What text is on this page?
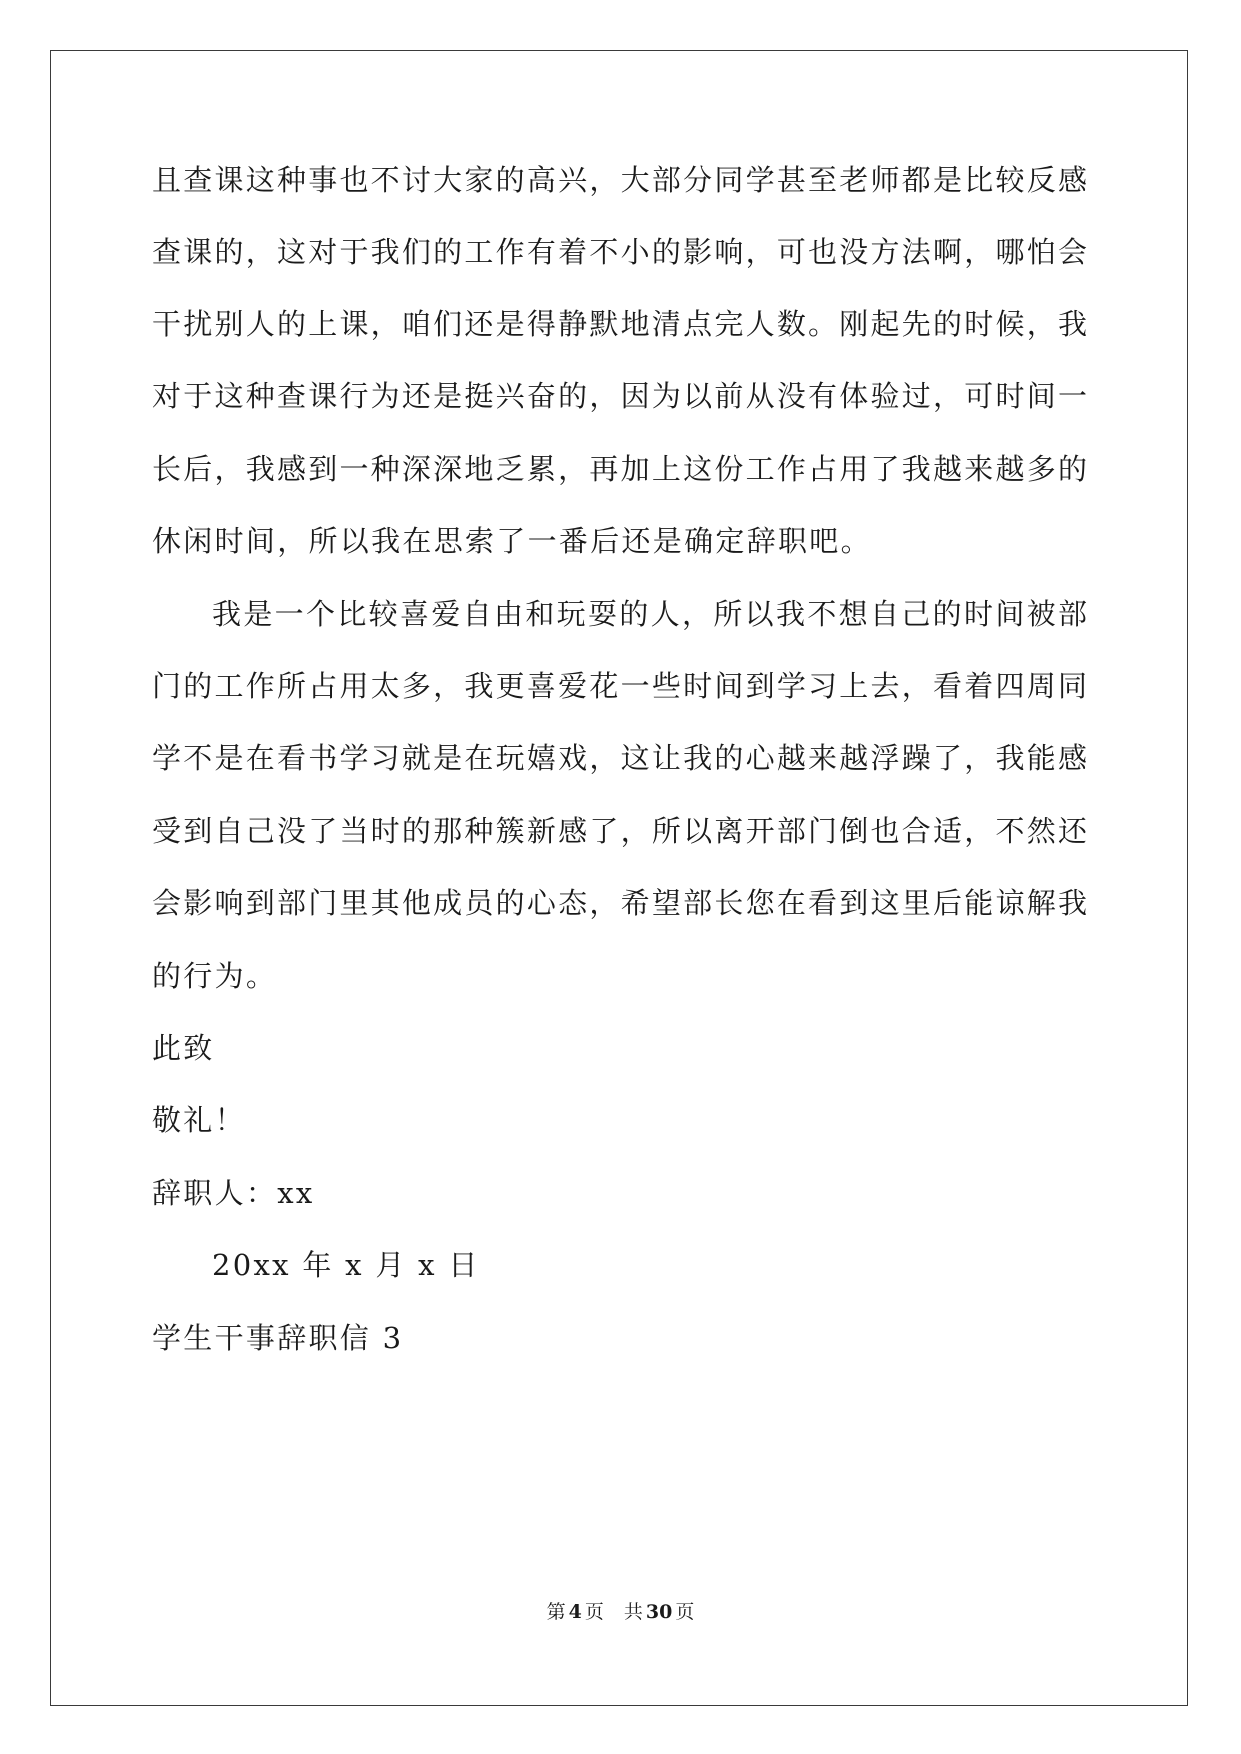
且查课这种事也不讨大家的高兴，大部分同学甚至老师都是比较反感
查课的，这对于我们的工作有着不小的影响，可也没方法啊，哪怕会
干扰别人的上课，咱们还是得静默地清点完人数。刚起先的时候，我
对于这种查课行为还是挺兴奋的，因为以前从没有体验过，可时间一
长后，我感到一种深深地乏累，再加上这份工作占用了我越来越多的
休闲时间，所以我在思索了一番后还是确定辞职吧。
我是一个比较喜爱自由和玩耍的人，所以我不想自己的时间被部
门的工作所占用太多，我更喜爱花一些时间到学习上去，看着四周同
学不是在看书学习就是在玩嬉戏，这让我的心越来越浮躁了，我能感
受到自己没了当时的那种簇新感了，所以离开部门倒也合适，不然还
会影响到部门里其他成员的心态，希望部长您在看到这里后能谅解我
的行为。
此致
敬礼！
辞职人：xx
20xx 年 x 月 x 日
学生干事辞职信 3
第 4 页 共 30 页
